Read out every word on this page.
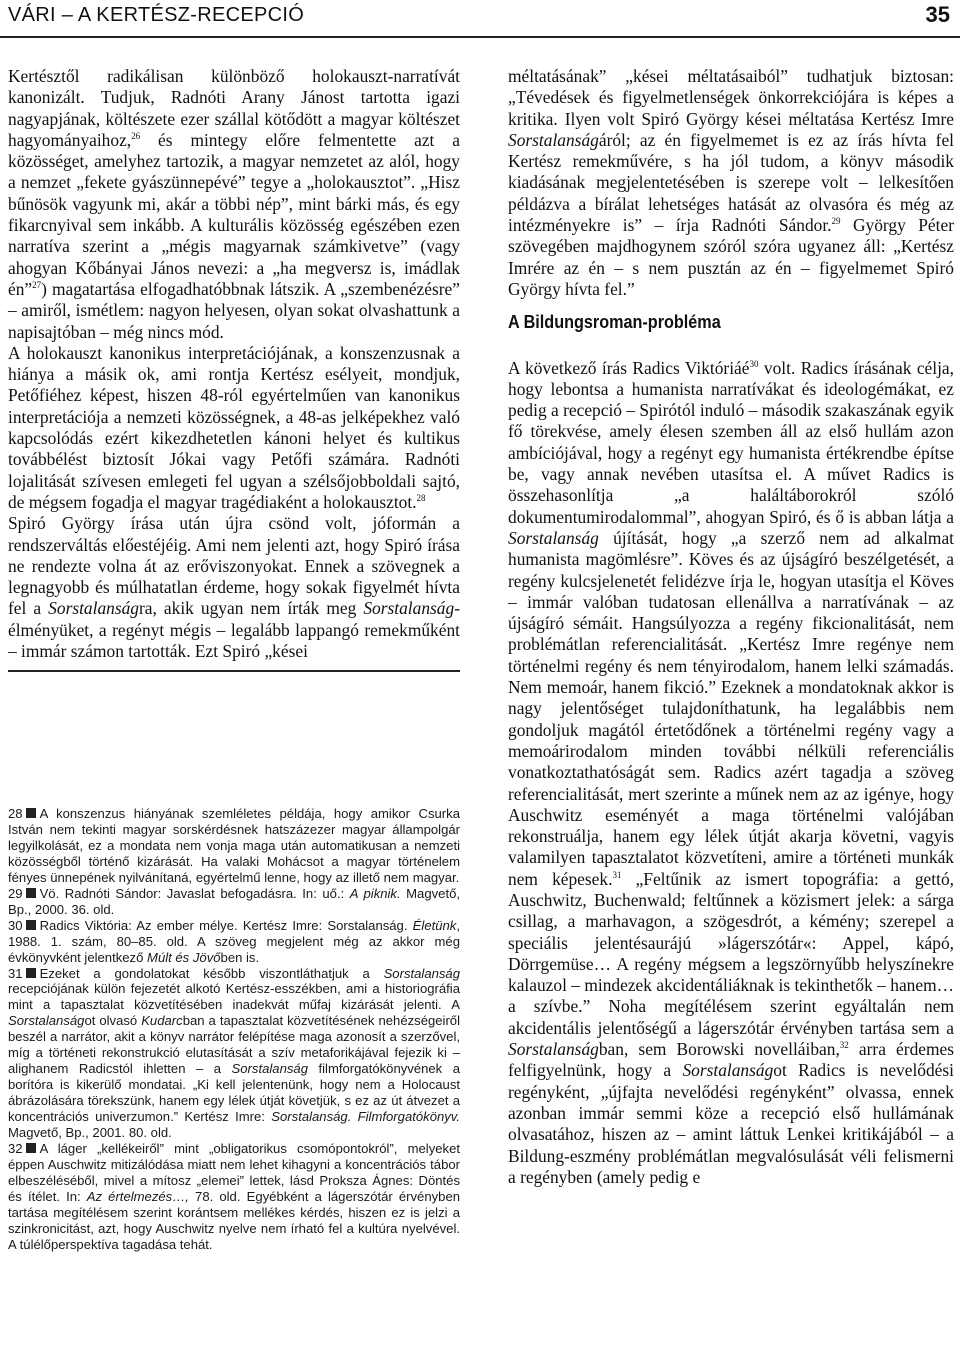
VÁRI – A KERTÉSZ-RECEPCIÓ	35

Kertésztől radikálisan különböző holokauszt-narratívát kanonizált. Tudjuk, Radnóti Arany Jánost tartotta igazi nagyapjának, költészete ezer szállal kötődött a magyar költészet hagyományaihoz,$^{26}$ és mintegy előre felmentette azt a közösséget, amelyhez tartozik, a magyar nemzetet az alól, hogy a nemzet „fekete gyászünnepévé” tegye a „holokausztot”. „Hisz bűnösök vagyunk mi, akár a többi nép”, mint bárki más, és egy fikarcnyival sem inkább. A kulturális közösség egészében ezen narratíva szerint a „mégis magyarnak számkivetve” (vagy ahogyan Kőbányai János nevezi: a „ha megversz is, imádlak én”$^{27}$) magatartása elfogadhatóbbnak látszik. A „szembenézésre” – amiről, ismétlem: nagyon helyesen, olyan sokat olvashattunk a napisajtóban – még nincs mód.

A holokauszt kanonikus interpretációjának, a konszenzusnak a hiánya a másik ok, ami rontja Kertész esélyeit, mondjuk, Petőfiéhez képest, hiszen 48-ról egyértelműen van kanonikus interpretációja a nemzeti közösségnek, a 48-as jelképekhez való kapcsolódás ezért kikezdhetetlen kánoni helyet és kultikus továbbélést biztosít Jókai vagy Petőfi számára. Radnóti lojalitását szívesen emlegeti fel ugyan a szélsőjobboldali sajtó, de mégsem fogadja el magyar tragédiaként a holokausztot.$^{28}$

Spiró György írása után újra csönd volt, jóformán a rendszerváltás előestéjéig. Ami nem jelenti azt, hogy Spiró írása ne rendezte volna át az erőviszonyokat. Ennek a szövegnek a legnagyobb és múlhatatlan érdeme, hogy sokak figyelmét hívta fel a Sorstalanságra, akik ugyan nem írták meg Sorstalanság-élményüket, a regényt mégis – legalább lappangó remekműként – immár számon tartották. Ezt Spiró „kései

28 A konszenzus hiányának szemléletes példája, hogy amikor Csurka István nem tekinti magyar sorskérdésnek hatszázezer magyar állampolgár legyilkolását, ez a mondata nem vonja maga után automatikusan a nemzeti közösségből történő kizárását. Ha valaki Mohácsot a magyar történelem fényes ünnepének nyilvánítaná, egyértelmű lenne, hogy az illető nem magyar.

29 Vö. Radnóti Sándor: Javaslat befogadásra. In: uő.: A piknik. Magvető, Bp., 2000. 36. old.

30 Radics Viktória: Az ember mélye. Kertész Imre: Sorstalanság. Életünk, 1988. 1. szám, 80–85. old. A szöveg megjelent még az akkor még évkönyvként jelentkező Múlt és Jövőben is.

31 Ezeket a gondolatokat később viszontláthatjuk a Sorstalanság recepciójának külön fejezetét alkotó Kertész-esszékben, ami a historiográfia mint a tapasztalat közvetítésében inadekvát műfaj kizárását jelenti. A Sorstalanságot olvasó Kudarcban a tapasztalat közvetítésének nehézségeiről beszél a narrátor, akit a könyv narrátor felépítése maga azonosít a szerzővel, míg a történeti rekonstrukció elutasítását a szív metaforikájával fejezik ki – alighanem Radicstól ihletten – a Sorstalanság filmforgatókönyvének a borítóra is kikerülő mondatai. „Ki kell jelentenünk, hogy nem a Holocaust ábrázolására törekszünk, hanem egy lélek útját követjük, s ez az út átvezet a koncentrációs univerzumon.” Kertész Imre: Sorstalanság. Filmforgatókönyv. Magvető, Bp., 2001. 80. old.

32 A láger „kellékeiről” mint „obligatorikus csomópontokról”, melyeket éppen Auschwitz mitizálódása miatt nem lehet kihagyni a koncentrációs tábor elbeszéléséből, mivel a mítosz „elemei” lettek, lásd Proksza Ágnes: Döntés és ítélet. In: Az értelmezés…, 78. old. Egyébként a lágerszótár érvényben tartása megítélésem szerint korántsem mellékes kérdés, hiszen ez is jelzi a szinkronicitást, azt, hogy Auschwitz nyelve nem írható fel a kultúra nyelvével. A túlélőperspektíva tagadása tehát.

méltatásának” „kései méltatásaiból” tudhatjuk biztosan: „Tévedések és figyelmetlenségek önkorrekciójára is képes a kritika. Ilyen volt Spiró György kései méltatása Kertész Imre Sorstalanságáról; az én figyelmemet is ez az írás hívta fel Kertész remekművére, s ha jól tudom, a könyv második kiadásának megjelentetésében is szerepe volt – lelkesítően példázva a bírálat lehetséges hatását az olvasóra és még az intézményekre is” – írja Radnóti Sándor.$^{29}$ György Péter szövegében majdhogynem szóról szóra ugyanez áll: „Kertész Imrére az én – s nem pusztán az én – figyelmemet Spiró György hívta fel.”

A Bildungsroman-probléma

A következő írás Radics Viktóriáé$^{30}$ volt. Radics írásának célja, hogy lebontsa a humanista narratívákat és ideologémákat, ez pedig a recepció – Spirótól induló – második szakaszának egyik fő törekvése, amely élesen szemben áll az első hullám azon ambíciójával, hogy a regényt egy humanista értékrendbe építse be, vagy annak nevében utasítsa el. A művet Radics is összehasonlítja „a haláltáborokról szóló dokumentumirodalommal”, ahogyan Spiró, és ő is abban látja a Sorstalanság újítását, hogy „a szerző nem ad alkalmat humanista magömlésre”. Köves és az újságíró beszélgetését, a regény kulcsjelenetét felidézve írja le, hogyan utasítja el Köves – immár valóban tudatosan ellenállva a narratívának – az újságíró sémáit. Hangsúlyozza a regény fikcionalitását, nem problémátlan referencialitását. „Kertész Imre regénye nem történelmi regény és nem tényirodalom, hanem lelki számadás. Nem memoár, hanem fikció.” Ezeknek a mondatoknak akkor is nagy jelentőséget tulajdoníthatunk, ha legalábbis nem gondoljuk magától értetődőnek a történelmi regény vagy a memoárirodalom minden további nélküli referenciális vonatkoztathatóságát sem. Radics azért tagadja a szöveg referencialitását, mert szerinte a műnek nem az az igénye, hogy Auschwitz eseményét a maga történelmi valójában rekonstruálja, hanem egy lélek útját akarja követni, vagyis valamilyen tapasztalatot közvetíteni, amire a történeti munkák nem képesek.$^{31}$ „Feltűnik az ismert topográfia: a gettó, Auschwitz, Buchenwald; feltűnnek a közismert jelek: a sárga csillag, a marhavagon, a szögesdrót, a kémény; szerepel a speciális jelentésaurájú »lágerszótár«: Appel, kápó, Dörrgemüse… A regény mégsem a legszörnyűbb helyszínekre kalauzol – mindezek akcidentáliáknak is tekinthetők – hanem… a szívbe.” Noha megítélésem szerint egyáltalán nem akcidentális jelentőségű a lágerszótár érvényben tartása sem a Sorstalanságban, sem Borowski novelláiban,$^{32}$ arra érdemes felfigyelnünk, hogy a Sorstalanságot Radics is nevelődési regényként, „újfajta nevelődési regényként” olvassa, ennek azonban immár semmi köze a recepció első hullámának olvasatához, hiszen az – amint láttuk Lenkei kritikájából – a Bildung-eszmény problémátlan megvalósulását véli felismerni a regényben (amely pedig e
